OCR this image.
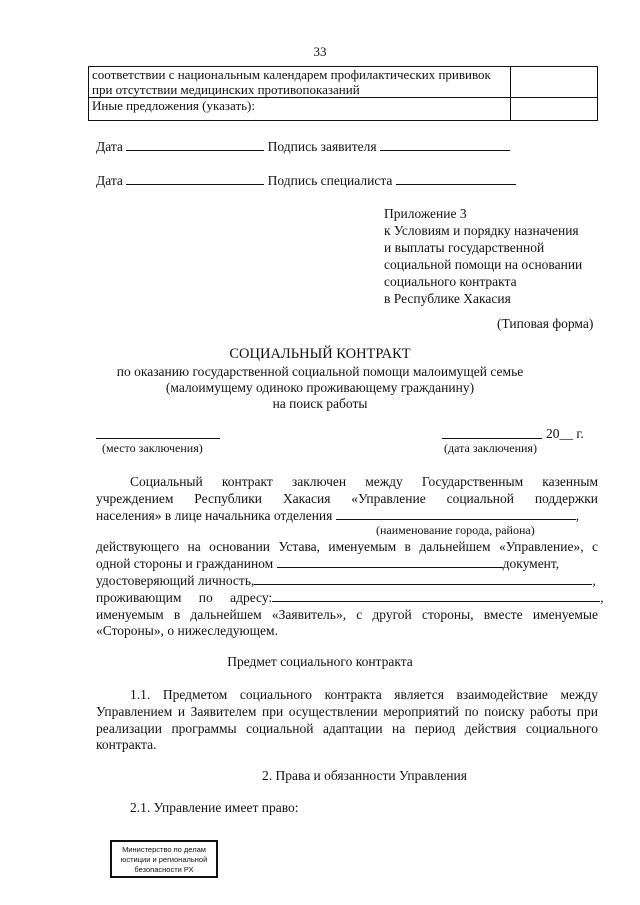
33
соответствии с национальным календарем профилактических прививок
при отсутствии медицинских противопоказаний	

Иные предложения (указать):	
Дата	Подпись заявителя
Дата	Подпись специалиста
Приложение 3
к Условиям и порядку назначения
и выплаты государственной
социальной помощи на основании
социального контракта
в Республике Хакасия
(Типовая форма)
СОЦИАЛЬНЫЙ КОНТРАКТ
по оказанию государственной социальной помощи малоимущей семье
(малоимущему одиноко проживающему гражданину)
на поиск работы
(место заключения)
20__ г.
(дата заключения)
Социальный контракт заключен между Государственным казенным
учреждением Республики Хакасия «Управление социальной поддержки
населения» в лице начальника отделения	,
(наименование города, района)
действующего на основании Устава, именуемым в дальнейшем «Управление», с
одной стороны и гражданином	документ,
удостоверяющий личность,	,
проживающим по адресу:	,
именуемым в дальнейшем «Заявитель», с другой стороны, вместе именуемые
«Стороны», о нижеследующем.
Предмет социального контракта
1.1. Предметом социального контракта является взаимодействие между
Управлением и Заявителем при осуществлении мероприятий по поиску работы при
реализации программы социальной адаптации на период действия социального
контракта.
2. Права и обязанности Управления
2.1. Управление имеет право:
Министерство по делам
юстиции и региональной
безопасности РХ
